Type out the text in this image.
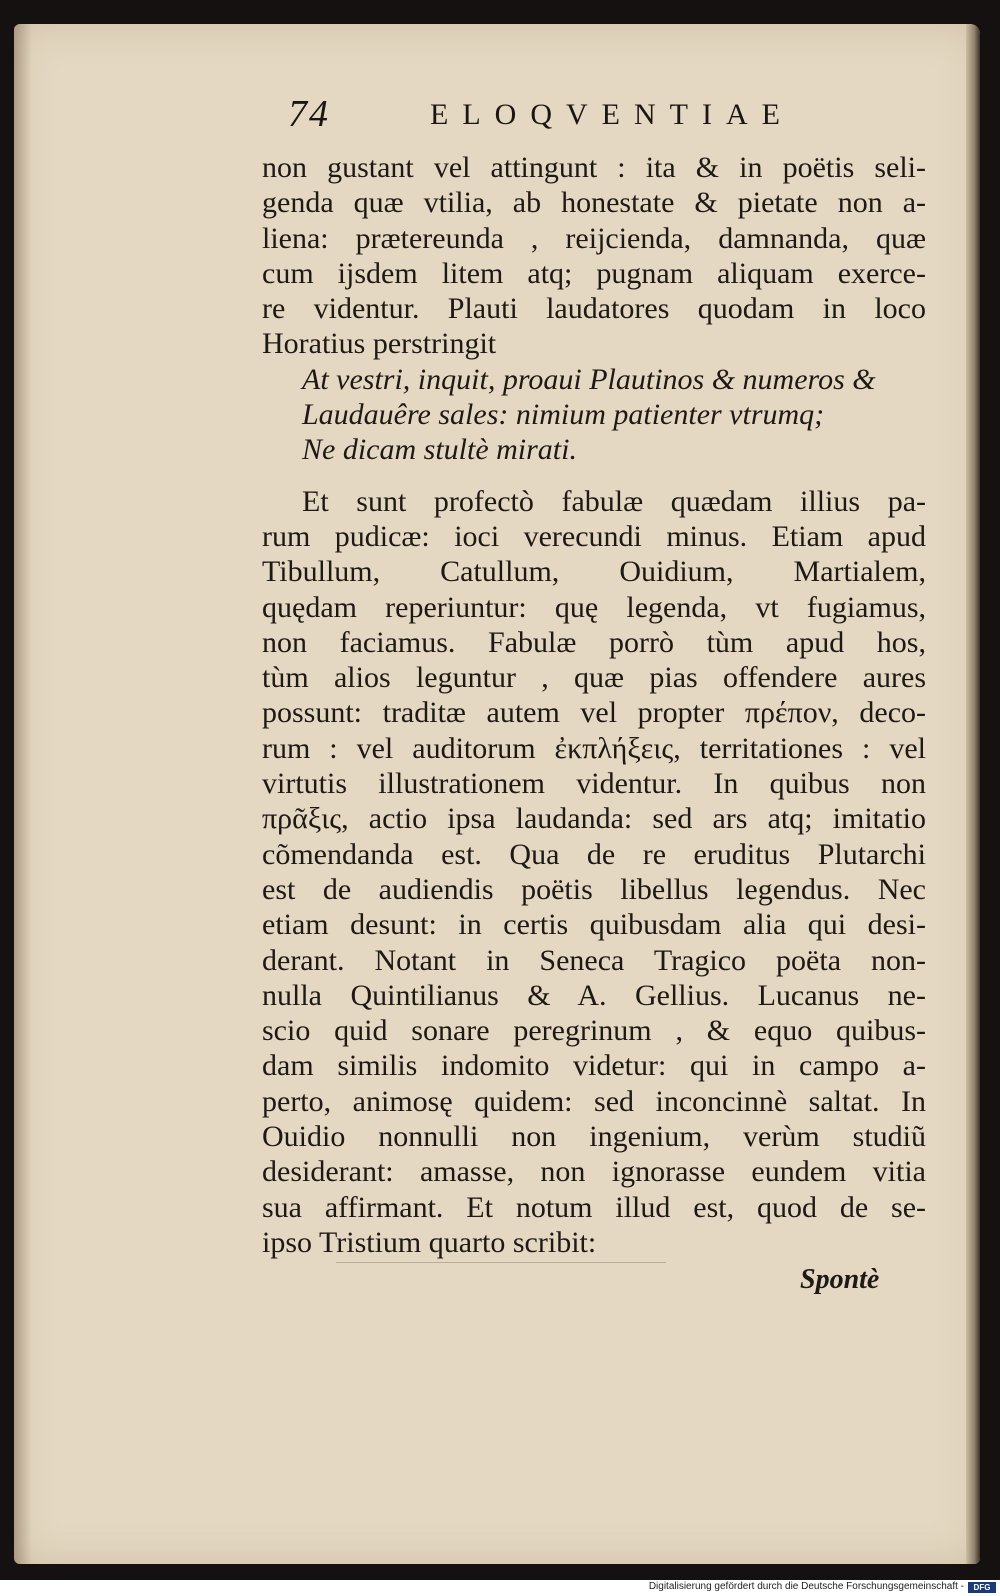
74	ELOQVENTIAE
non gustant vel attingunt : ita & in poëtis seli-
genda quæ vtilia, ab honestate & pietate non a-
liena: prætereunda , reijcienda, damnanda, quæ
cum ijsdem litem atq; pugnam aliquam exerce-
re videntur. Plauti laudatores quodam in loco
Horatius perstringit
At vestri, inquit, proaui Plautinos & numeros &
Laudauêre sales: nimium patienter vtrumq;
Ne dicam stultè mirati.
Et sunt profectò fabulæ quædam illius pa-
rum pudicæ: ioci verecundi minus. Etiam apud
Tibullum, Catullum, Ouidium, Martialem,
quędam reperiuntur: quę legenda, vt fugiamus,
non faciamus. Fabulæ porrò tùm apud hos,
tùm alios leguntur , quæ pias offendere aures
possunt: traditæ autem vel propter πρέπον, deco-
rum : vel auditorum ἐκπλήξεις, territationes : vel
virtutis illustrationem videntur. In quibus non
πρᾶξις, actio ipsa laudanda: sed ars atq; imitatio
cõmendanda est. Qua de re eruditus Plutarchi
est de audiendis poëtis libellus legendus. Nec
etiam desunt: in certis quibusdam alia qui desi-
derant. Notant in Seneca Tragico poëta non-
nulla Quintilianus & A. Gellius. Lucanus ne-
scio quid sonare peregrinum , & equo quibus-
dam similis indomito videtur: qui in campo a-
perto, animosę quidem: sed inconcinnè saltat. In
Ouidio nonnulli non ingenium, verùm studiũ
desiderant: amasse, non ignorasse eundem vitia
sua affirmant. Et notum illud est, quod de se-
ipso Tristium quarto scribit:
Spontè
Digitalisierung gefördert durch die Deutsche Forschungsgemeinschaft -	DFG
